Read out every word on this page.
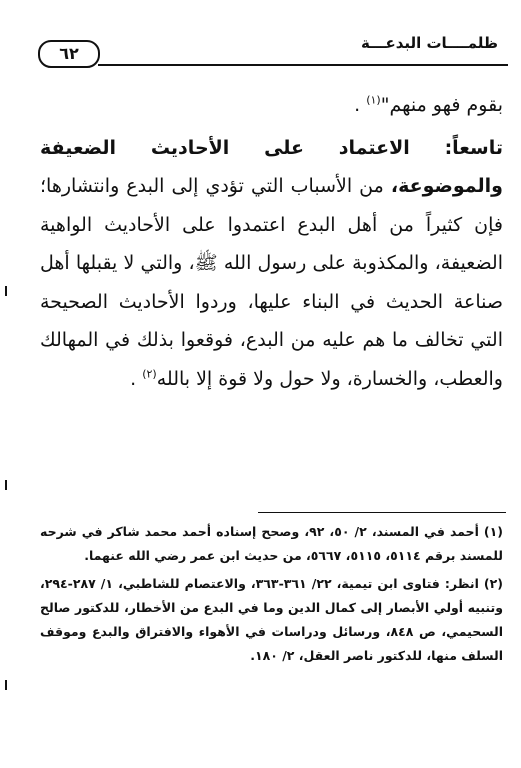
٦٢
ظلمــــات البدعـــة

بقوم فهو منهم"$^{(١)}$ .

تاسعاً: الاعتماد على الأحاديث الضعيفة والموضوعة، من الأسباب التي تؤدي إلى البدع وانتشارها؛ فإن كثيراً من أهل البدع اعتمدوا على الأحاديث الواهية الضعيفة، والمكذوبة على رسول الله ﷺ، والتي لا يقبلها أهل صناعة الحديث في البناء عليها، وردوا الأحاديث الصحيحة التي تخالف ما هم عليه من البدع، فوقعوا بذلك في المهالك والعطب، والخسارة، ولا حول ولا قوة إلا بالله$^{(٢)}$ .

(١) أحمد في المسند، ٢/ ٥٠، ٩٢، وصحح إسناده أحمد محمد شاكر في شرحه للمسند برقم ٥١١٤، ٥١١٥، ٥٦٦٧، من حديث ابن عمر رضي الله عنهما.

(٢) انظر: فتاوى ابن تيمية، ٢٢/ ٣٦١-٣٦٣، والاعتصام للشاطبي، ١/ ٢٨٧-٢٩٤، وتنبيه أولي الأبصار إلى كمال الدين وما في البدع من الأخطار، للدكتور صالح السحيمي، ص ٨٤٨، ورسائل ودراسات في الأهواء والافتراق والبدع وموقف السلف منها، للدكتور ناصر العقل، ٢/ ١٨٠.
